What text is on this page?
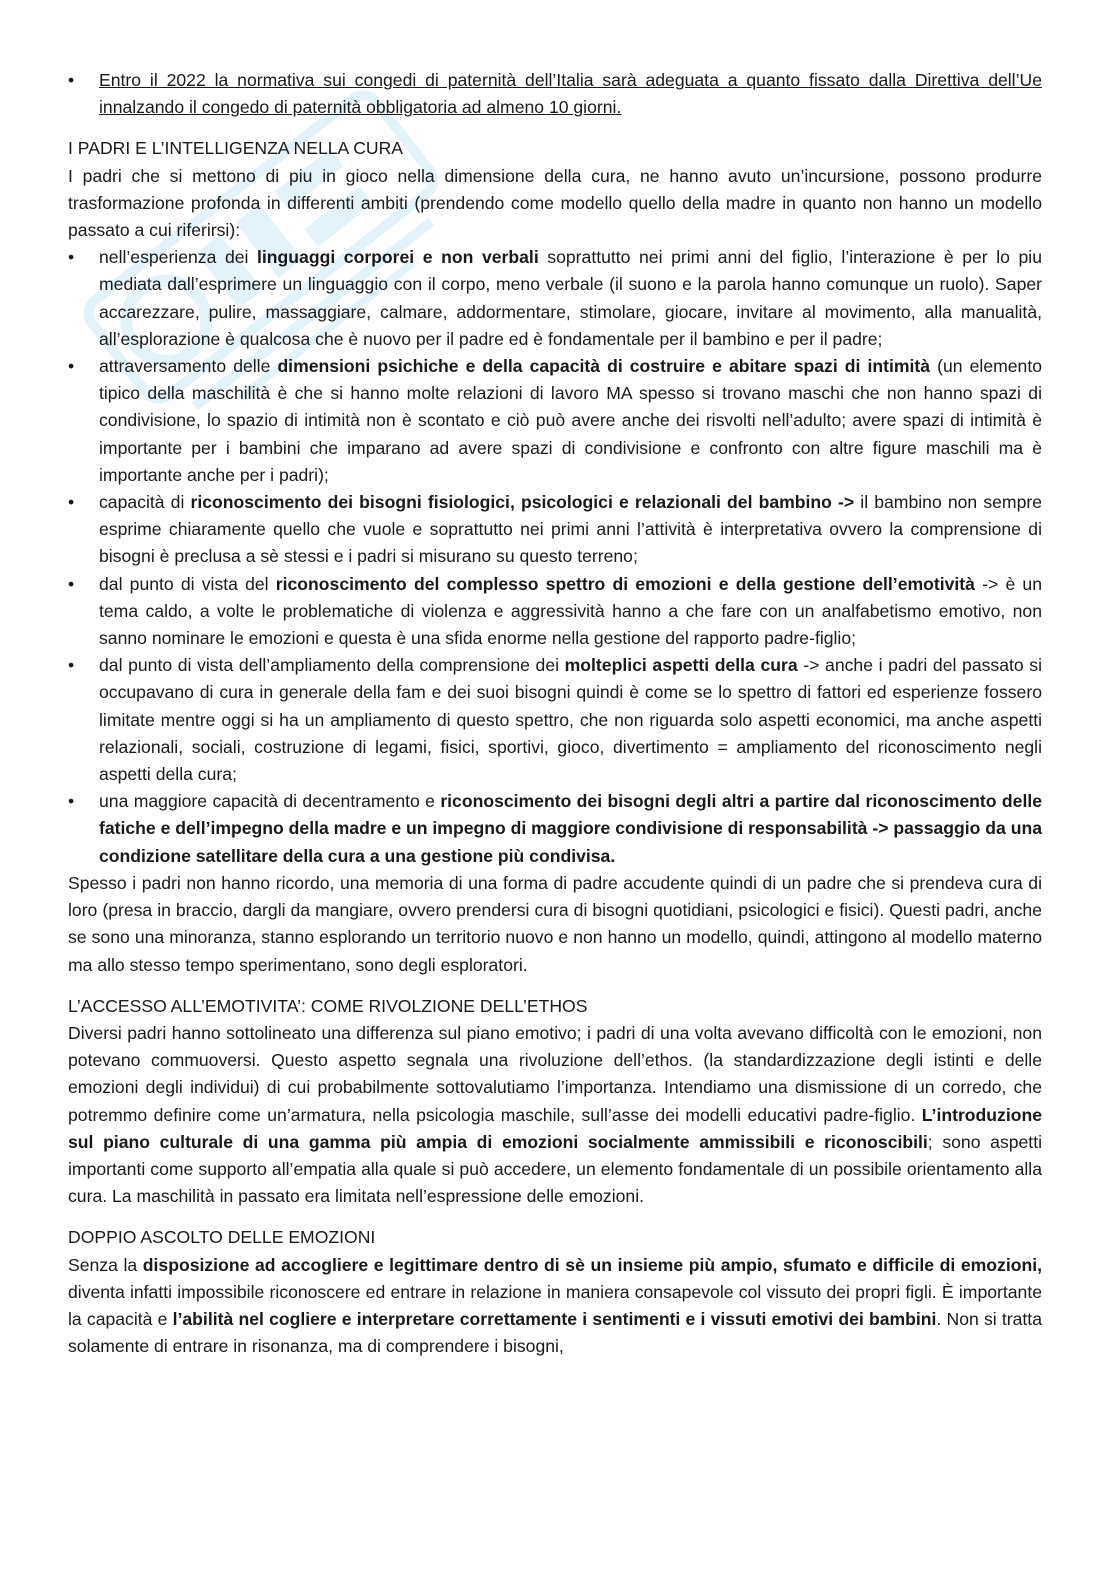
• Entro il 2022 la normativa sui congedi di paternità dell’Italia sarà adeguata a quanto fissato dalla Direttiva dell’Ue innalzando il congedo di paternità obbligatoria ad almeno 10 giorni.

I PADRI E L’INTELLIGENZA NELLA CURA

I padri che si mettono di piu in gioco nella dimensione della cura, ne hanno avuto un’incursione, possono produrre trasformazione profonda in differenti ambiti (prendendo come modello quello della madre in quanto non hanno un modello passato a cui riferirsi):

• nell’esperienza dei linguaggi corporei e non verbali soprattutto nei primi anni del figlio, l’interazione è per lo piu mediata dall’esprimere un linguaggio con il corpo, meno verbale (il suono e la parola hanno comunque un ruolo). Saper accarezzare, pulire, massaggiare, calmare, addormentare, stimolare, giocare, invitare al movimento, alla manualità, all’esplorazione è qualcosa che è nuovo per il padre ed è fondamentale per il bambino e per il padre;
• attraversamento delle dimensioni psichiche e della capacità di costruire e abitare spazi di intimità (un elemento tipico della maschilità è che si hanno molte relazioni di lavoro MA spesso si trovano maschi che non hanno spazi di condivisione, lo spazio di intimità non è scontato e ciò può avere anche dei risvolti nell’adulto; avere spazi di intimità è importante per i bambini che imparano ad avere spazi di condivisione e confronto con altre figure maschili ma è importante anche per i padri);
• capacità di riconoscimento dei bisogni fisiologici, psicologici e relazionali del bambino -> il bambino non sempre esprime chiaramente quello che vuole e soprattutto nei primi anni l’attività è interpretativa ovvero la comprensione di bisogni è preclusa a sè stessi e i padri si misurano su questo terreno;
• dal punto di vista del riconoscimento del complesso spettro di emozioni e della gestione dell’emotività -> è un tema caldo, a volte le problematiche di violenza e aggressività hanno a che fare con un analfabetismo emotivo, non sanno nominare le emozioni e questa è una sfida enorme nella gestione del rapporto padre-figlio;
• dal punto di vista dell’ampliamento della comprensione dei molteplici aspetti della cura -> anche i padri del passato si occupavano di cura in generale della fam e dei suoi bisogni quindi è come se lo spettro di fattori ed esperienze fossero limitate mentre oggi si ha un ampliamento di questo spettro, che non riguarda solo aspetti economici, ma anche aspetti relazionali, sociali, costruzione di legami, fisici, sportivi, gioco, divertimento = ampliamento del riconoscimento negli aspetti della cura;
• una maggiore capacità di decentramento e riconoscimento dei bisogni degli altri a partire dal riconoscimento delle fatiche e dell’impegno della madre e un impegno di maggiore condivisione di responsabilità -> passaggio da una condizione satellitare della cura a una gestione più condivisa.

Spesso i padri non hanno ricordo, una memoria di una forma di padre accudente quindi di un padre che si prendeva cura di loro (presa in braccio, dargli da mangiare, ovvero prendersi cura di bisogni quotidiani, psicologici e fisici). Questi padri, anche se sono una minoranza, stanno esplorando un territorio nuovo e non hanno un modello, quindi, attingono al modello materno ma allo stesso tempo sperimentano, sono degli esploratori.

L’ACCESSO ALL’EMOTIVITA’: COME RIVOLZIONE DELL’ETHOS

Diversi padri hanno sottolineato una differenza sul piano emotivo; i padri di una volta avevano difficoltà con le emozioni, non potevano commuoversi. Questo aspetto segnala una rivoluzione dell’ethos. (la standardizzazione degli istinti e delle emozioni degli individui) di cui probabilmente sottovalutiamo l’importanza. Intendiamo una dismissione di un corredo, che potremmo definire come un’armatura, nella psicologia maschile, sull’asse dei modelli educativi padre-figlio. L’introduzione sul piano culturale di una gamma più ampia di emozioni socialmente ammissibili e riconoscibili; sono aspetti importanti come supporto all’empatia alla quale si può accedere, un elemento fondamentale di un possibile orientamento alla cura. La maschilità in passato era limitata nell’espressione delle emozioni.

DOPPIO ASCOLTO DELLE EMOZIONI

Senza la disposizione ad accogliere e legittimare dentro di sè un insieme più ampio, sfumato e difficile di emozioni, diventa infatti impossibile riconoscere ed entrare in relazione in maniera consapevole col vissuto dei propri figli. È importante la capacità e l’abilità nel cogliere e interpretare correttamente i sentimenti e i vissuti emotivi dei bambini. Non si tratta solamente di entrare in risonanza, ma di comprendere i bisogni,
